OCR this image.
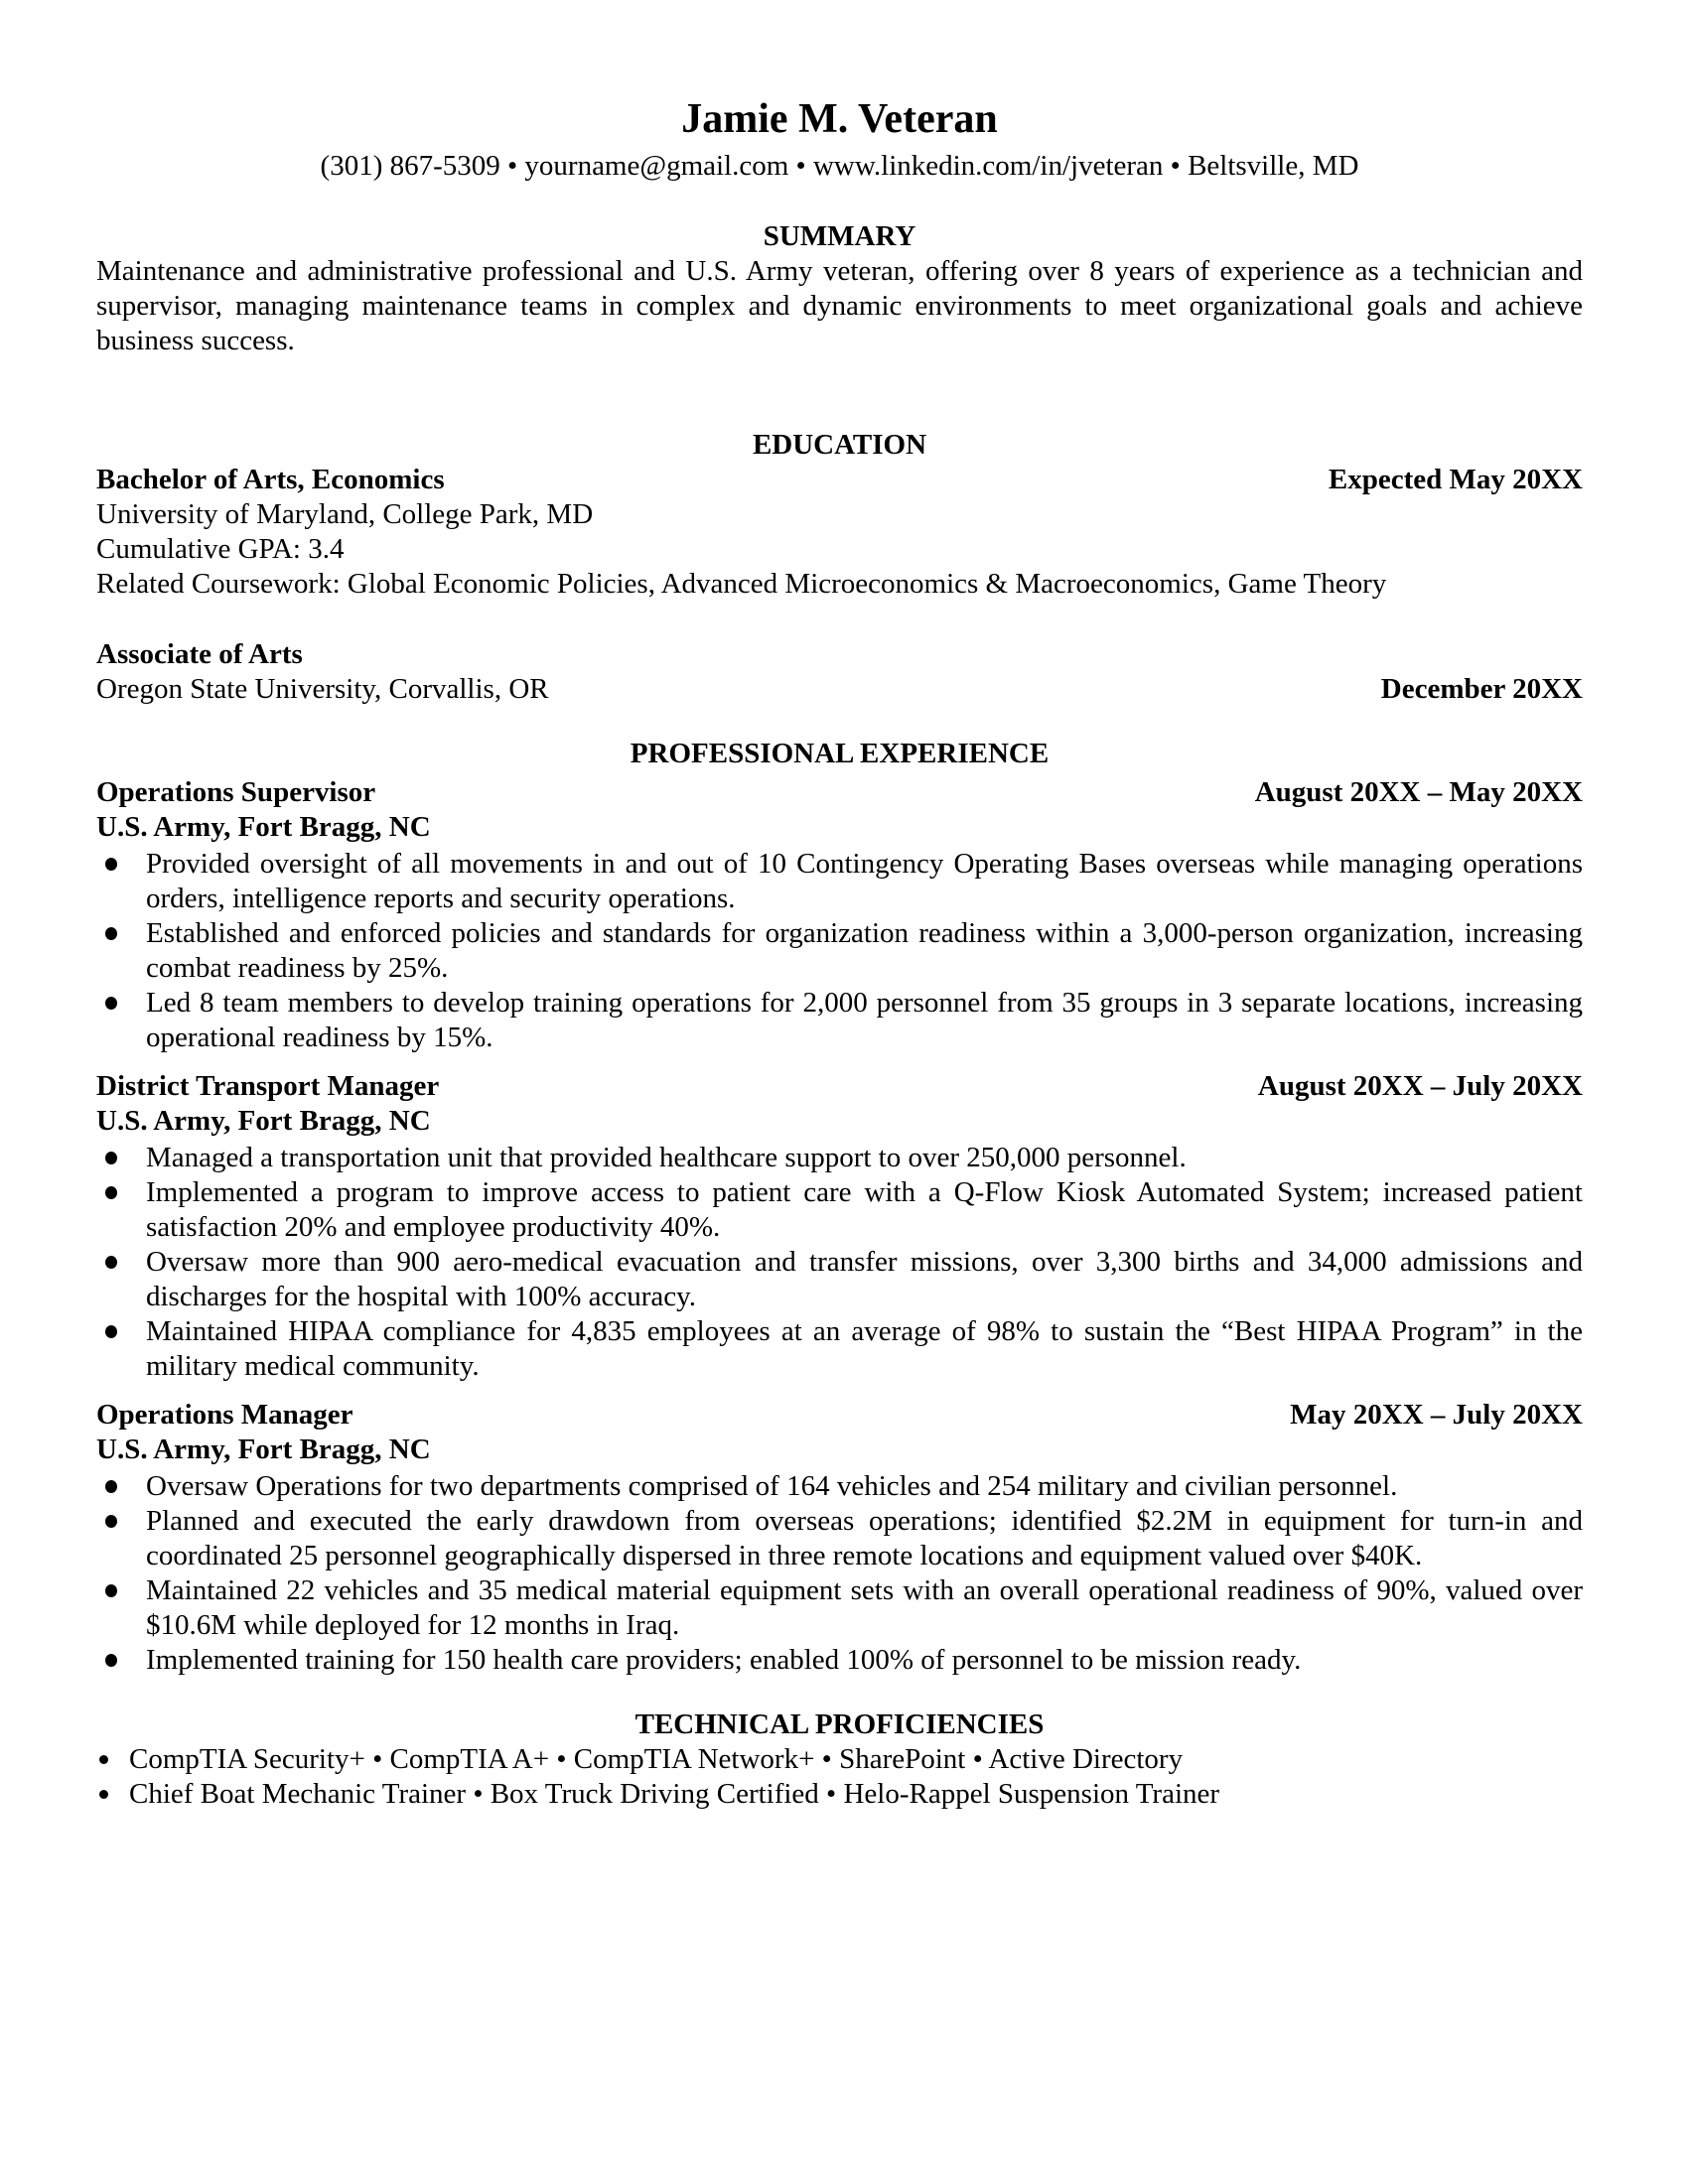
Jamie M. Veteran
(301) 867-5309 • yourname@gmail.com • www.linkedin.com/in/jveteran • Beltsville, MD
SUMMARY
Maintenance and administrative professional and U.S. Army veteran, offering over 8 years of experience as a technician and supervisor, managing maintenance teams in complex and dynamic environments to meet organizational goals and achieve business success.
EDUCATION
Bachelor of Arts, Economics	Expected May 20XX
University of Maryland, College Park, MD
Cumulative GPA: 3.4
Related Coursework: Global Economic Policies, Advanced Microeconomics & Macroeconomics, Game Theory
Associate of Arts
Oregon State University, Corvallis, OR	December 20XX
PROFESSIONAL EXPERIENCE
Operations Supervisor	August 20XX – May 20XX
U.S. Army, Fort Bragg, NC
Provided oversight of all movements in and out of 10 Contingency Operating Bases overseas while managing operations orders, intelligence reports and security operations.
Established and enforced policies and standards for organization readiness within a 3,000-person organization, increasing combat readiness by 25%.
Led 8 team members to develop training operations for 2,000 personnel from 35 groups in 3 separate locations, increasing operational readiness by 15%.
District Transport Manager	August 20XX – July 20XX
U.S. Army, Fort Bragg, NC
Managed a transportation unit that provided healthcare support to over 250,000 personnel.
Implemented a program to improve access to patient care with a Q-Flow Kiosk Automated System; increased patient satisfaction 20% and employee productivity 40%.
Oversaw more than 900 aero-medical evacuation and transfer missions, over 3,300 births and 34,000 admissions and discharges for the hospital with 100% accuracy.
Maintained HIPAA compliance for 4,835 employees at an average of 98% to sustain the “Best HIPAA Program” in the military medical community.
Operations Manager	May 20XX – July 20XX
U.S. Army, Fort Bragg, NC
Oversaw Operations for two departments comprised of 164 vehicles and 254 military and civilian personnel.
Planned and executed the early drawdown from overseas operations; identified $2.2M in equipment for turn-in and coordinated 25 personnel geographically dispersed in three remote locations and equipment valued over $40K.
Maintained 22 vehicles and 35 medical material equipment sets with an overall operational readiness of 90%, valued over $10.6M while deployed for 12 months in Iraq.
Implemented training for 150 health care providers; enabled 100% of personnel to be mission ready.
TECHNICAL PROFICIENCIES
CompTIA Security+ • CompTIA A+ • CompTIA Network+ • SharePoint • Active Directory
Chief Boat Mechanic Trainer • Box Truck Driving Certified • Helo-Rappel Suspension Trainer
